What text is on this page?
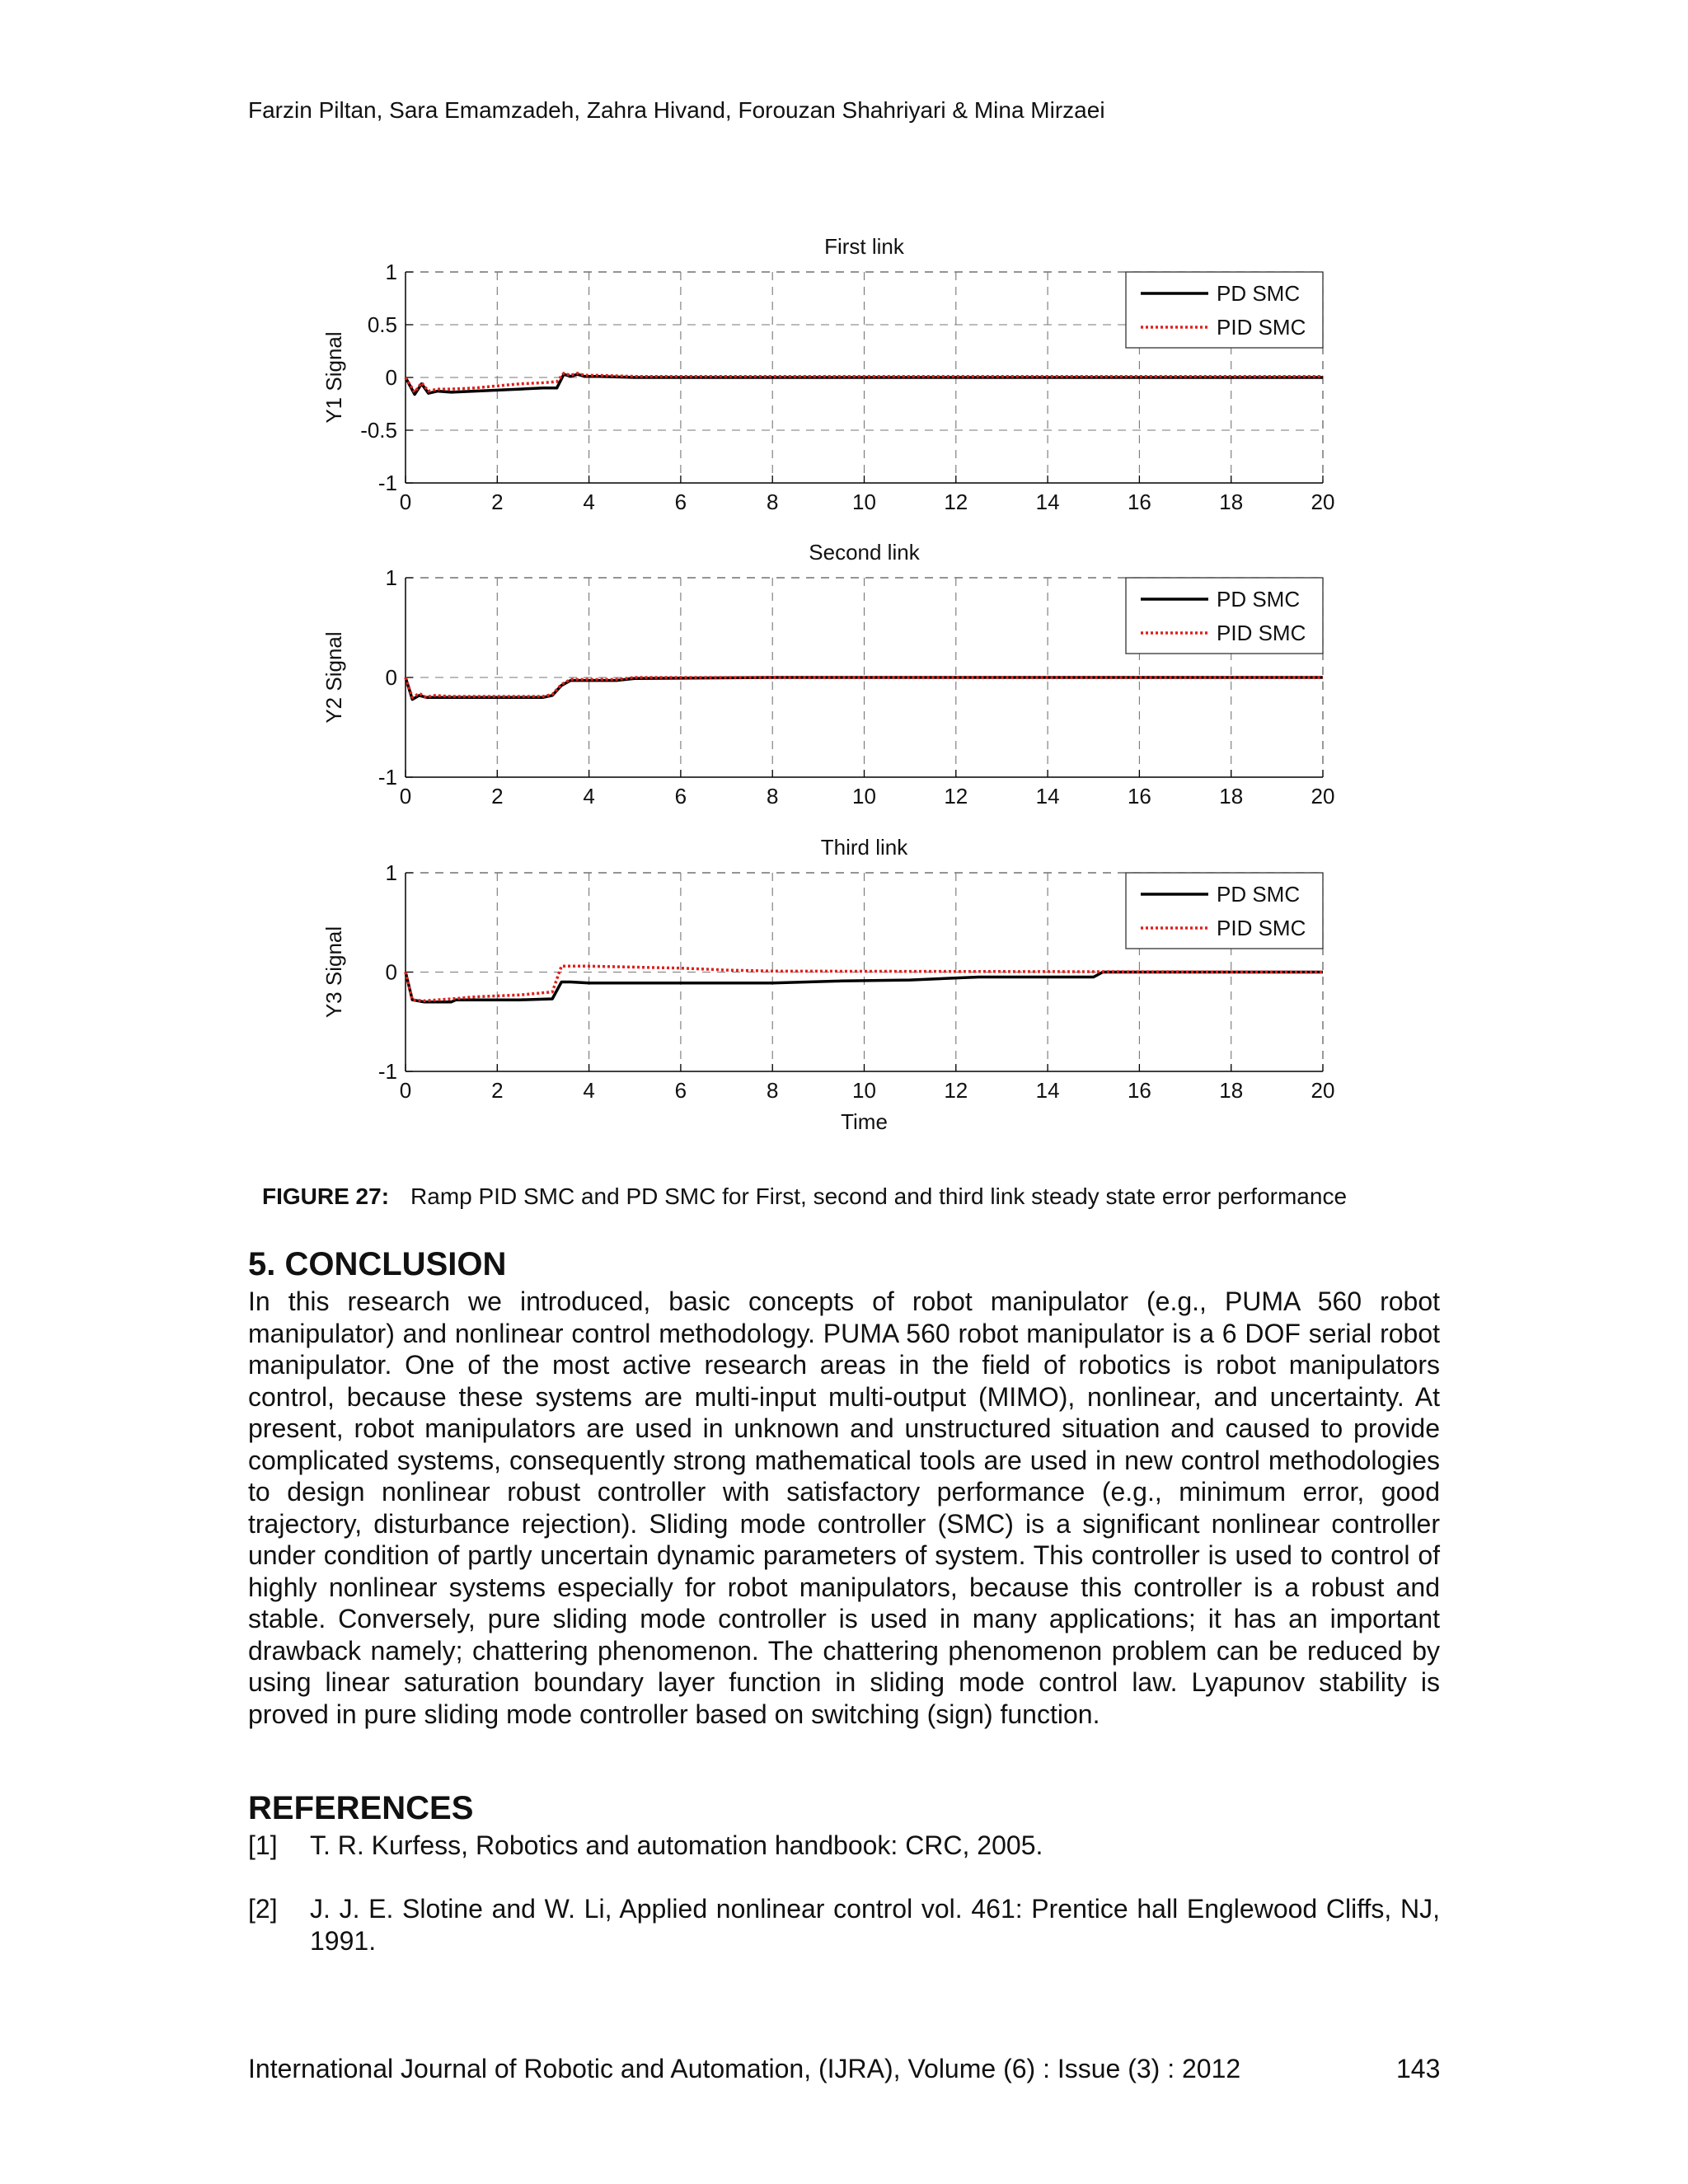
Farzin Piltan, Sara Emamzadeh, Zahra Hivand, Forouzan Shahriyari & Mina Mirzaei
0	2	4	6	8	10	12	14	16	18	20
1
0.5
0
-0.5
-1
First link
Y1 Signal
PD SMC
PID SMC
0	2	4	6	8	10	12	14	16	18	20
1
0
-1
Second link
Y2 Signal
PD SMC
PID SMC
0	2	4	6	8	10	12	14	16	18	20
1
0
-1
Third link
Y3 Signal
Time
PD SMC
PID SMC
FIGURE 27: Ramp PID SMC and PD SMC for First, second and third link steady state error performance
5. CONCLUSION
In this research we introduced, basic concepts of robot manipulator (e.g., PUMA 560 robot manipulator) and nonlinear control methodology. PUMA 560 robot manipulator is a 6 DOF serial robot manipulator. One of the most active research areas in the field of robotics is robot manipulators control, because these systems are multi-input multi-output (MIMO), nonlinear, and uncertainty. At present, robot manipulators are used in unknown and unstructured situation and caused to provide complicated systems, consequently strong mathematical tools are used in new control methodologies to design nonlinear robust controller with satisfactory performance (e.g., minimum error, good trajectory, disturbance rejection). Sliding mode controller (SMC) is a significant nonlinear controller under condition of partly uncertain dynamic parameters of system. This controller is used to control of highly nonlinear systems especially for robot manipulators, because this controller is a robust and stable. Conversely, pure sliding mode controller is used in many applications; it has an important drawback namely; chattering phenomenon. The chattering phenomenon problem can be reduced by using linear saturation boundary layer function in sliding mode control law. Lyapunov stability is proved in pure sliding mode controller based on switching (sign) function.
REFERENCES
[1] T. R. Kurfess, Robotics and automation handbook: CRC, 2005.
[2] J. J. E. Slotine and W. Li, Applied nonlinear control vol. 461: Prentice hall Englewood Cliffs, NJ, 1991.
International Journal of Robotic and Automation, (IJRA), Volume (6) : Issue (3) : 2012	143
